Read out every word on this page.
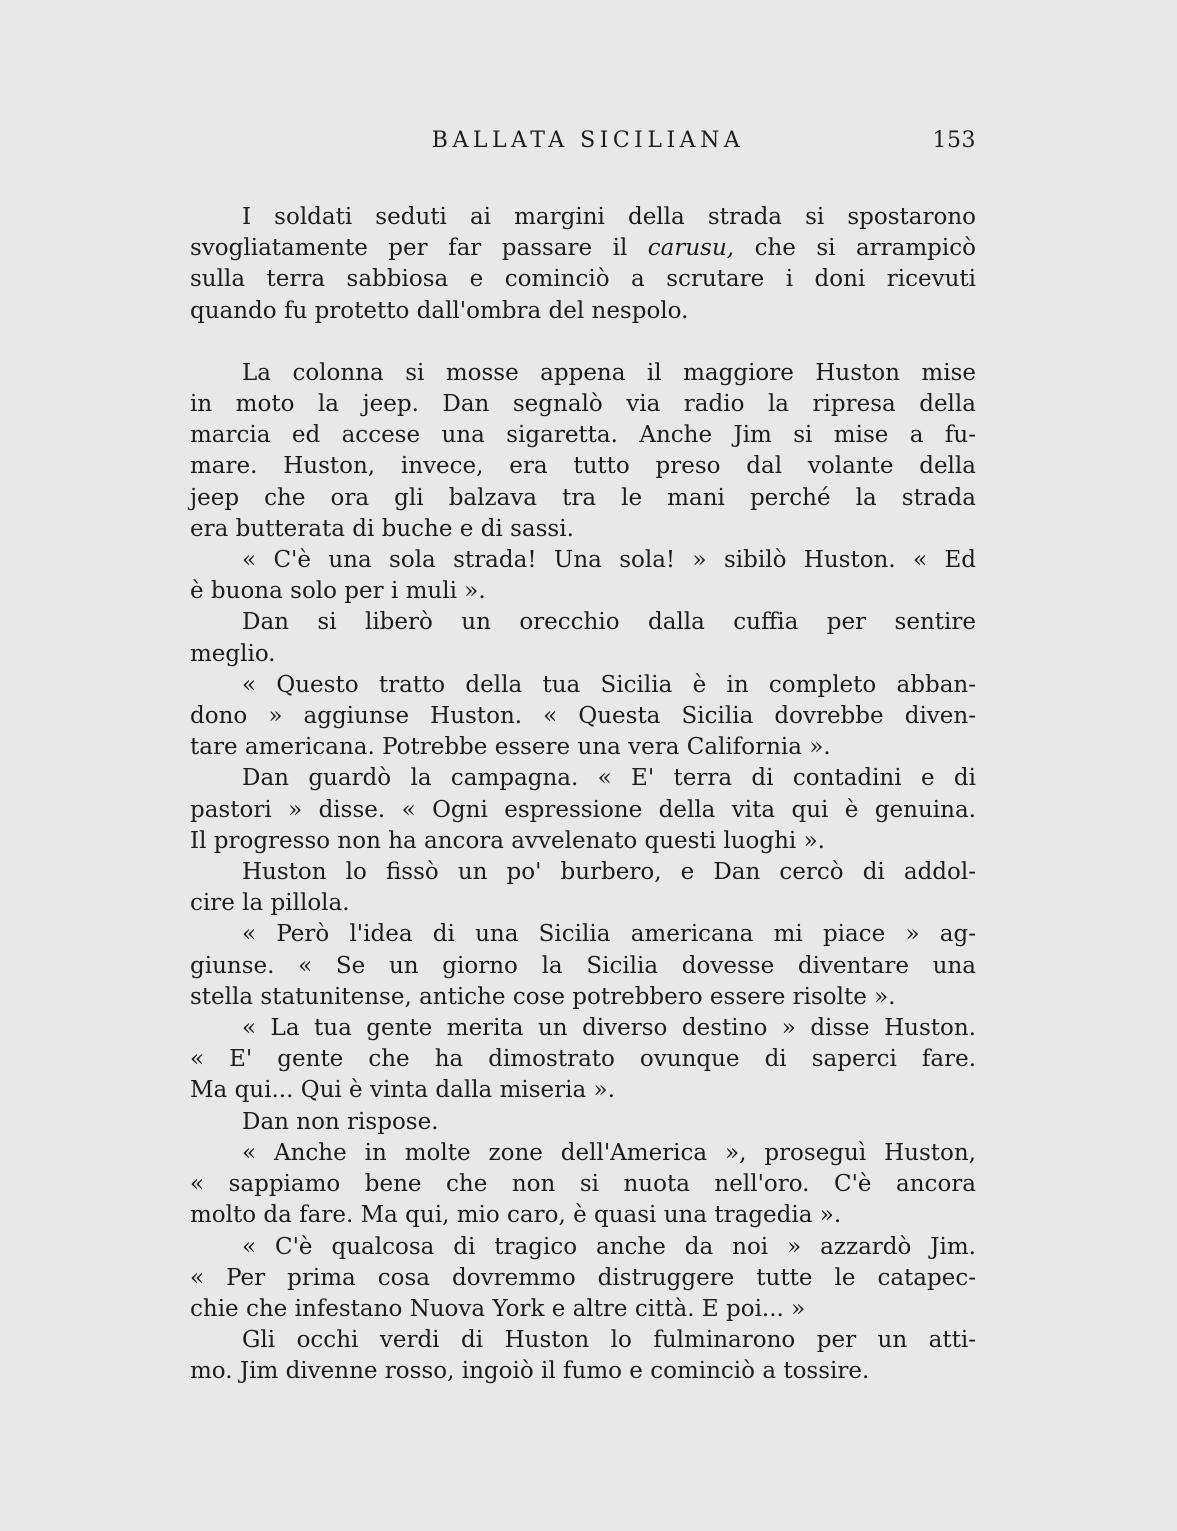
BALLATA SICILIANA	153
I soldati seduti ai margini della strada si spostarono
svogliatamente per far passare il carusu, che si arrampicò
sulla terra sabbiosa e cominciò a scrutare i doni ricevuti
quando fu protetto dall'ombra del nespolo.
La colonna si mosse appena il maggiore Huston mise
in moto la jeep. Dan segnalò via radio la ripresa della
marcia ed accese una sigaretta. Anche Jim si mise a fu-
mare. Huston, invece, era tutto preso dal volante della
jeep che ora gli balzava tra le mani perché la strada
era butterata di buche e di sassi.
« C'è una sola strada! Una sola! » sibilò Huston. « Ed
è buona solo per i muli ».
Dan si liberò un orecchio dalla cuffia per sentire
meglio.
« Questo tratto della tua Sicilia è in completo abban-
dono » aggiunse Huston. « Questa Sicilia dovrebbe diven-
tare americana. Potrebbe essere una vera California ».
Dan guardò la campagna. « E' terra di contadini e di
pastori » disse. « Ogni espressione della vita qui è genuina.
Il progresso non ha ancora avvelenato questi luoghi ».
Huston lo fissò un po' burbero, e Dan cercò di addol-
cire la pillola.
« Però l'idea di una Sicilia americana mi piace » ag-
giunse. « Se un giorno la Sicilia dovesse diventare una
stella statunitense, antiche cose potrebbero essere risolte ».
« La tua gente merita un diverso destino » disse Huston.
« E' gente che ha dimostrato ovunque di saperci fare.
Ma qui... Qui è vinta dalla miseria ».
Dan non rispose.
« Anche in molte zone dell'America », proseguì Huston,
« sappiamo bene che non si nuota nell'oro. C'è ancora
molto da fare. Ma qui, mio caro, è quasi una tragedia ».
« C'è qualcosa di tragico anche da noi » azzardò Jim.
« Per prima cosa dovremmo distruggere tutte le catapec-
chie che infestano Nuova York e altre città. E poi... »
Gli occhi verdi di Huston lo fulminarono per un atti-
mo. Jim divenne rosso, ingoiò il fumo e cominciò a tossire.
